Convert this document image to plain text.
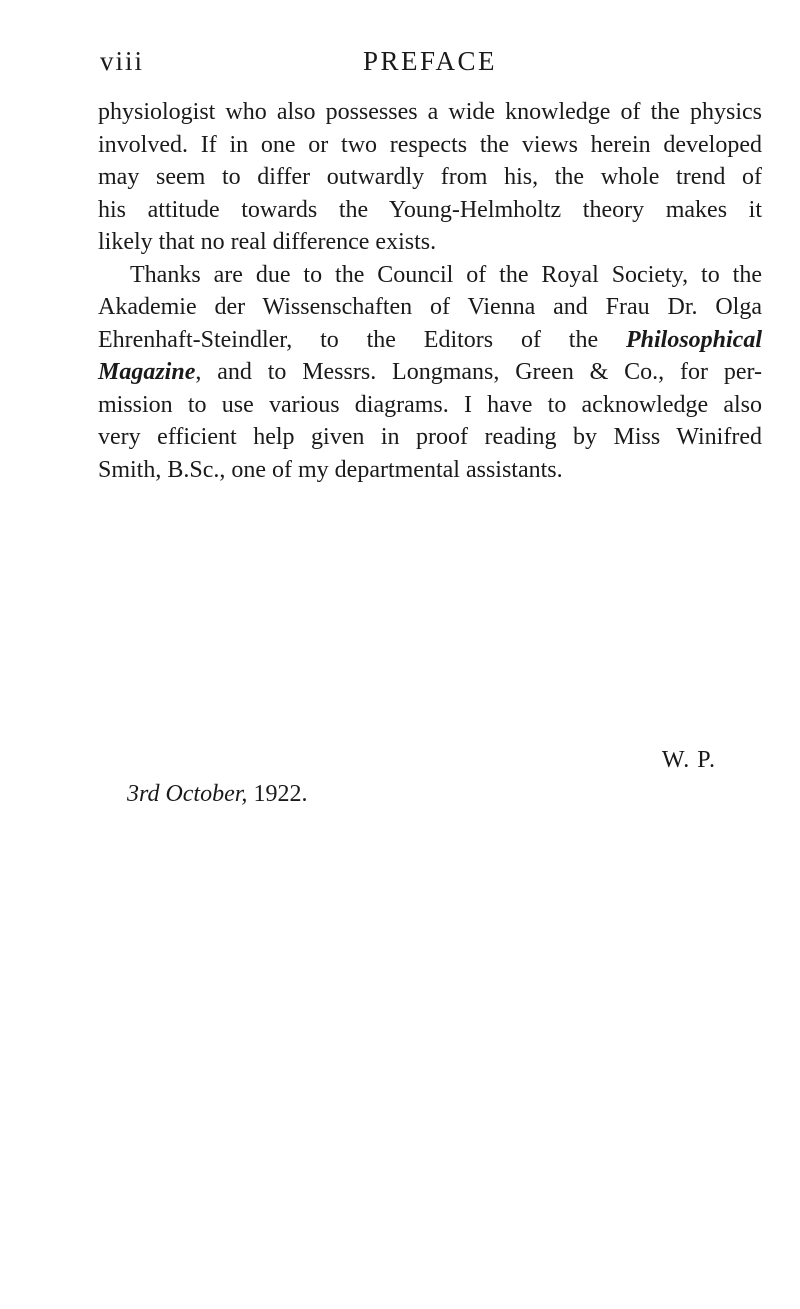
viii	PREFACE

physiologist who also possesses a wide knowledge of the physics
involved. If in one or two respects the views herein developed
may seem to differ outwardly from his, the whole trend of
his attitude towards the Young-Helmholtz theory makes it
likely that no real difference exists.

Thanks are due to the Council of the Royal Society, to the
Akademie der Wissenschaften of Vienna and Frau Dr. Olga
Ehrenhaft-Steindler, to the Editors of the Philosophical
Magazine, and to Messrs. Longmans, Green & Co., for per-
mission to use various diagrams. I have to acknowledge also
very efficient help given in proof reading by Miss Winifred
Smith, B.Sc., one of my departmental assistants.

W. P.
3rd October, 1922.
